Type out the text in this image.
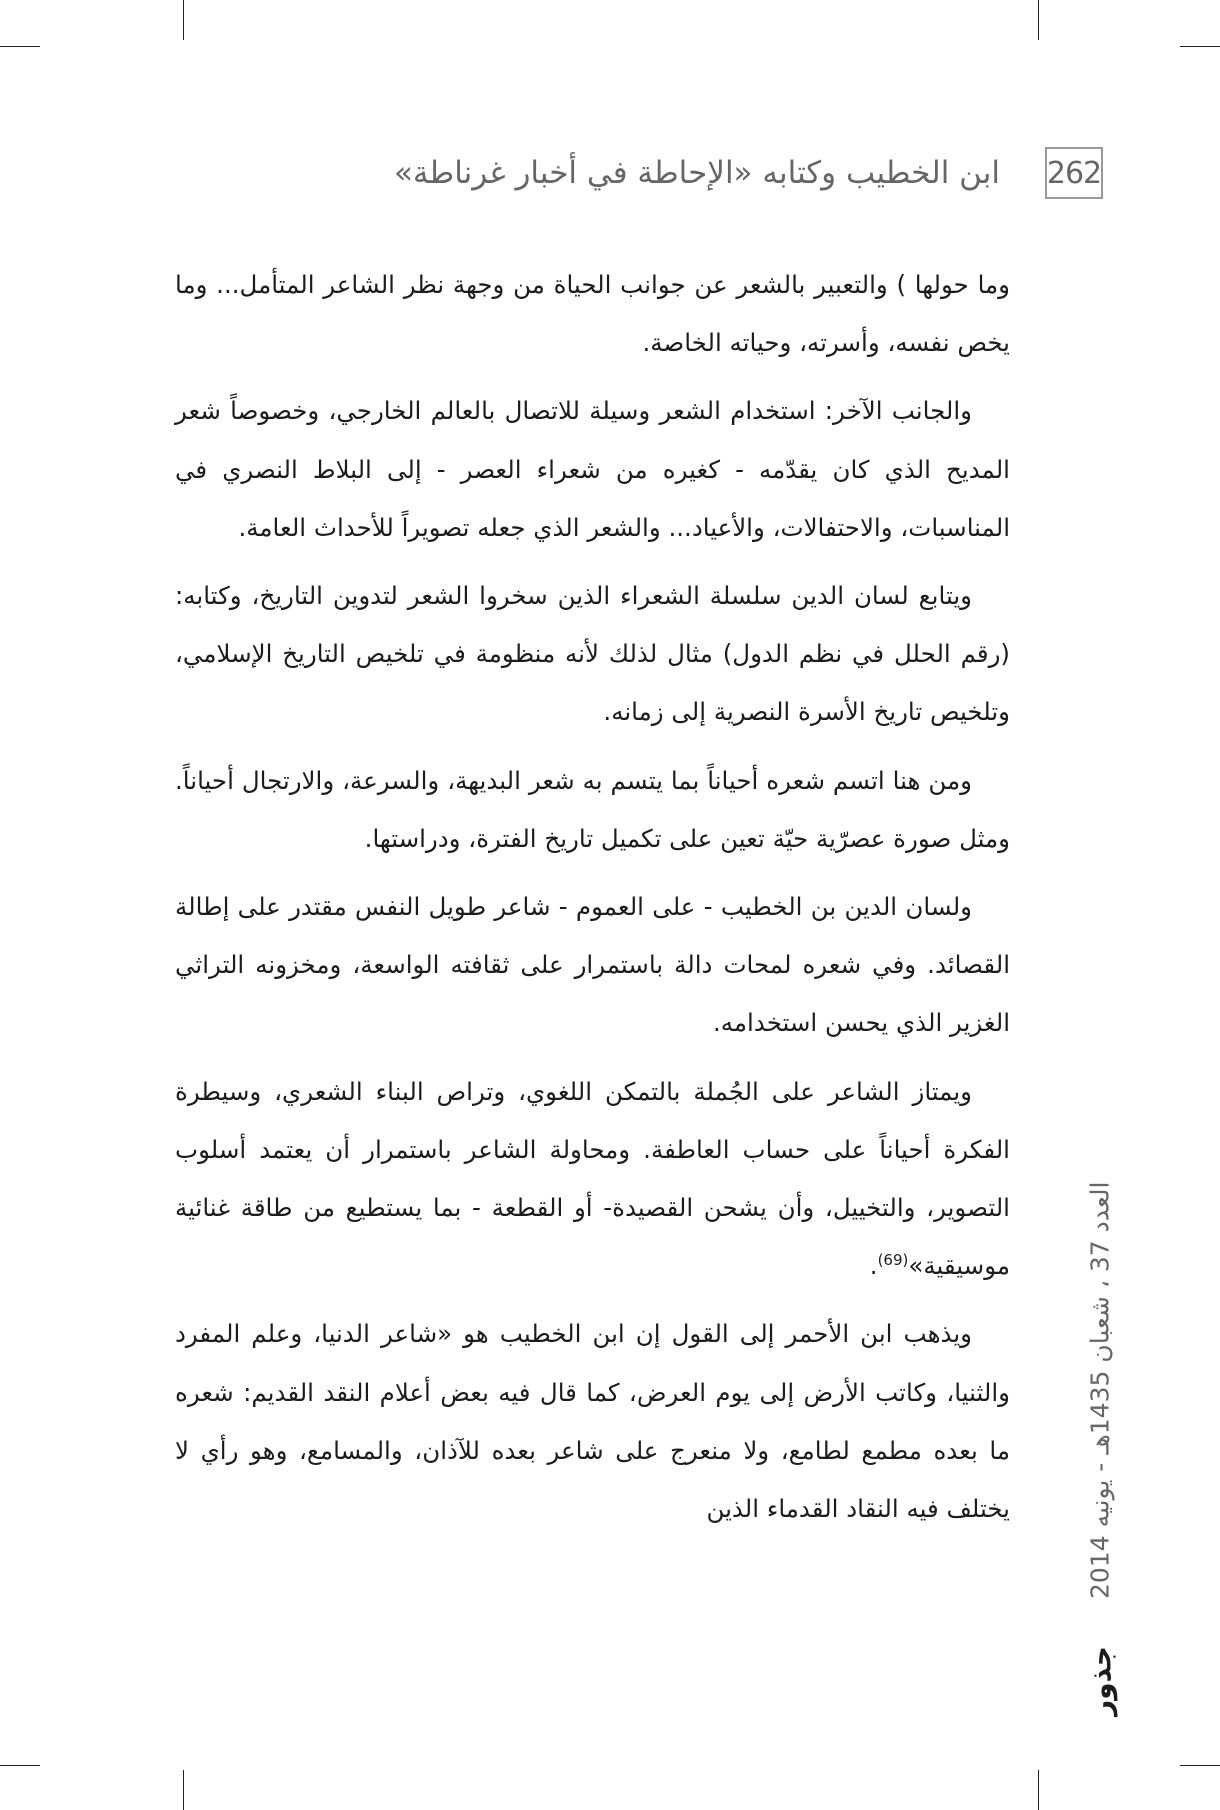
262
ابن الخطيب وكتابه «الإحاطة في أخبار غرناطة»

وما حولها ) والتعبير بالشعر عن جوانب الحياة من وجهة نظر الشاعر المتأمل... وما يخص نفسه، وأسرته، وحياته الخاصة.

والجانب الآخر: استخدام الشعر وسيلة للاتصال بالعالم الخارجي، وخصوصاً شعر المديح الذي كان يقدّمه - كغيره من شعراء العصر - إلى البلاط النصري في المناسبات، والاحتفالات، والأعياد... والشعر الذي جعله تصويراً للأحداث العامة.

ويتابع لسان الدين سلسلة الشعراء الذين سخروا الشعر لتدوين التاريخ، وكتابه: (رقم الحلل في نظم الدول) مثال لذلك لأنه منظومة في تلخيص التاريخ الإسلامي، وتلخيص تاريخ الأسرة النصرية إلى زمانه.

ومن هنا اتسم شعره أحياناً بما يتسم به شعر البديهة، والسرعة، والارتجال أحياناً. ومثل صورة عصرّية حيّة تعين على تكميل تاريخ الفترة، ودراستها.

ولسان الدين بن الخطيب - على العموم - شاعر طويل النفس مقتدر على إطالة القصائد. وفي شعره لمحات دالة باستمرار على ثقافته الواسعة، ومخزونه التراثي الغزير الذي يحسن استخدامه.

ويمتاز الشاعر على الجُملة بالتمكن اللغوي، وتراص البناء الشعري، وسيطرة الفكرة أحياناً على حساب العاطفة. ومحاولة الشاعر باستمرار أن يعتمد أسلوب التصوير، والتخييل، وأن يشحن القصيدة- أو القطعة - بما يستطيع من طاقة غنائية موسيقية»$^{(69)}$.

ويذهب ابن الأحمر إلى القول إن ابن الخطيب هو «شاعر الدنيا، وعلم المفرد والثنيا، وكاتب الأرض إلى يوم العرض، كما قال فيه بعض أعلام النقد القديم: شعره ما بعده مطمع لطامع، ولا منعرج على شاعر بعده للآذان، والمسامع، وهو رأي لا يختلف فيه النقاد القدماء الذين

العدد 37 ، شعبان 1435هـ - يونيه 2014
جذور
